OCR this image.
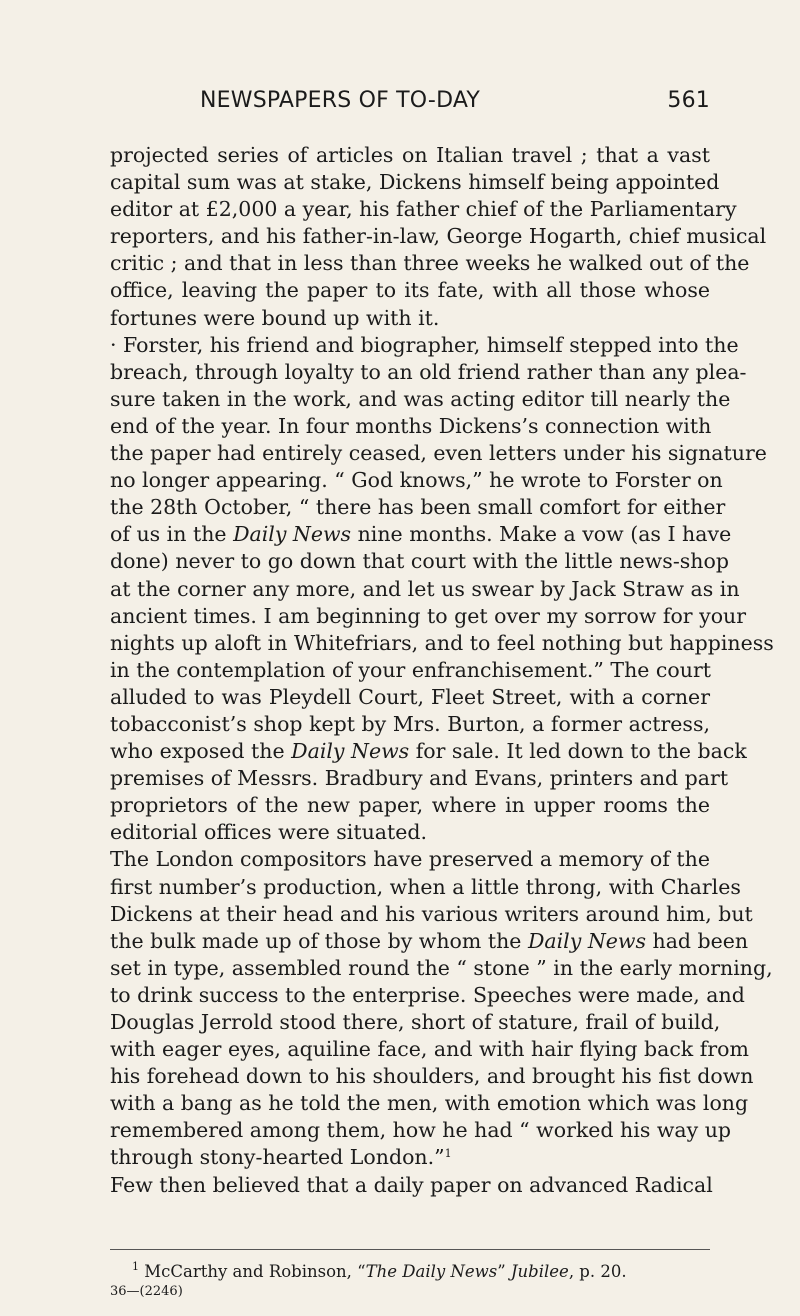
NEWSPAPERS OF TO-DAY	561
projected series of articles on Italian travel ; that a vast
capital sum was at stake, Dickens himself being appointed
editor at £2,000 a year, his father chief of the Parliamentary
reporters, and his father-in-law, George Hogarth, chief musical
critic ; and that in less than three weeks he walked out of the
office, leaving the paper to its fate, with all those whose
fortunes were bound up with it.
· Forster, his friend and biographer, himself stepped into the
breach, through loyalty to an old friend rather than any plea-
sure taken in the work, and was acting editor till nearly the
end of the year. In four months Dickens’s connection with
the paper had entirely ceased, even letters under his signature
no longer appearing. “ God knows,” he wrote to Forster on
the 28th October, “ there has been small comfort for either
of us in the Daily News nine months. Make a vow (as I have
done) never to go down that court with the little news-shop
at the corner any more, and let us swear by Jack Straw as in
ancient times. I am beginning to get over my sorrow for your
nights up aloft in Whitefriars, and to feel nothing but happiness
in the contemplation of your enfranchisement.” The court
alluded to was Pleydell Court, Fleet Street, with a corner
tobacconist’s shop kept by Mrs. Burton, a former actress,
who exposed the Daily News for sale. It led down to the back
premises of Messrs. Bradbury and Evans, printers and part
proprietors of the new paper, where in upper rooms the
editorial offices were situated.
The London compositors have preserved a memory of the
first number’s production, when a little throng, with Charles
Dickens at their head and his various writers around him, but
the bulk made up of those by whom the Daily News had been
set in type, assembled round the “ stone ” in the early morning,
to drink success to the enterprise. Speeches were made, and
Douglas Jerrold stood there, short of stature, frail of build,
with eager eyes, aquiline face, and with hair flying back from
his forehead down to his shoulders, and brought his fist down
with a bang as he told the men, with emotion which was long
remembered among them, how he had “ worked his way up
through stony-hearted London.”$^1$
Few then believed that a daily paper on advanced Radical
$^1$ McCarthy and Robinson, “The Daily News” Jubilee, p. 20.
36—(2246)
